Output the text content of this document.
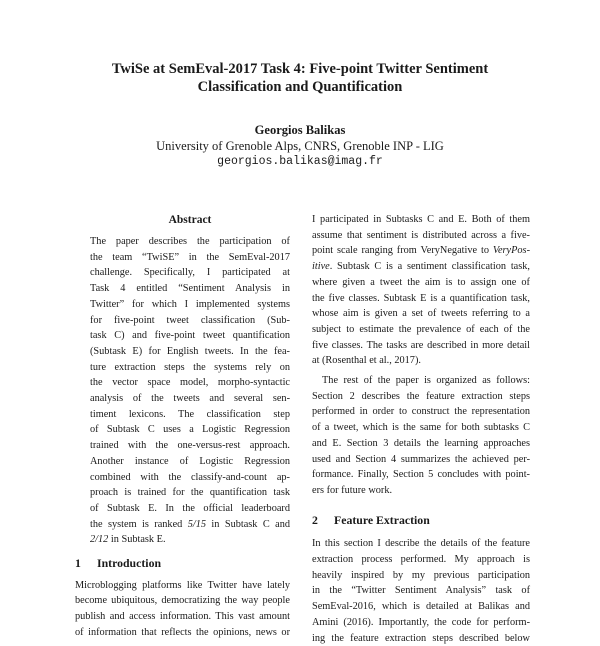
TwiSe at SemEval-2017 Task 4: Five-point Twitter Sentiment
Classification and Quantification
Georgios Balikas
University of Grenoble Alps, CNRS, Grenoble INP - LIG
georgios.balikas@imag.fr
Abstract
The paper describes the participation of
the team “TwiSE” in the SemEval-2017
challenge. Specifically, I participated at
Task 4 entitled “Sentiment Analysis in
Twitter” for which I implemented systems
for five-point tweet classification (Sub-
task C) and five-point tweet quantification
(Subtask E) for English tweets. In the fea-
ture extraction steps the systems rely on
the vector space model, morpho-syntactic
analysis of the tweets and several sen-
timent lexicons. The classification step
of Subtask C uses a Logistic Regression
trained with the one-versus-rest approach.
Another instance of Logistic Regression
combined with the classify-and-count ap-
proach is trained for the quantification task
of Subtask E. In the official leaderboard
the system is ranked 5/15 in Subtask C and
2/12 in Subtask E.
1 Introduction
Microblogging platforms like Twitter have lately
become ubiquitous, democratizing the way people
publish and access information. This vast amount
of information that reflects the opinions, news or
I participated in Subtasks C and E. Both of them
assume that sentiment is distributed across a five-
point scale ranging from VeryNegative to VeryPos-
itive. Subtask C is a sentiment classification task,
where given a tweet the aim is to assign one of
the five classes. Subtask E is a quantification task,
whose aim is given a set of tweets referring to a
subject to estimate the prevalence of each of the
five classes. The tasks are described in more detail
at (Rosenthal et al., 2017).
The rest of the paper is organized as follows:
Section 2 describes the feature extraction steps
performed in order to construct the representation
of a tweet, which is the same for both subtasks C
and E. Section 3 details the learning approaches
used and Section 4 summarizes the achieved per-
formance. Finally, Section 5 concludes with point-
ers for future work.
2 Feature Extraction
In this section I describe the details of the feature
extraction process performed. My approach is
heavily inspired by my previous participation
in the “Twitter Sentiment Analysis” task of
SemEval-2016, which is detailed at Balikas and
Amini (2016). Importantly, the code for perform-
ing the feature extraction steps described below
